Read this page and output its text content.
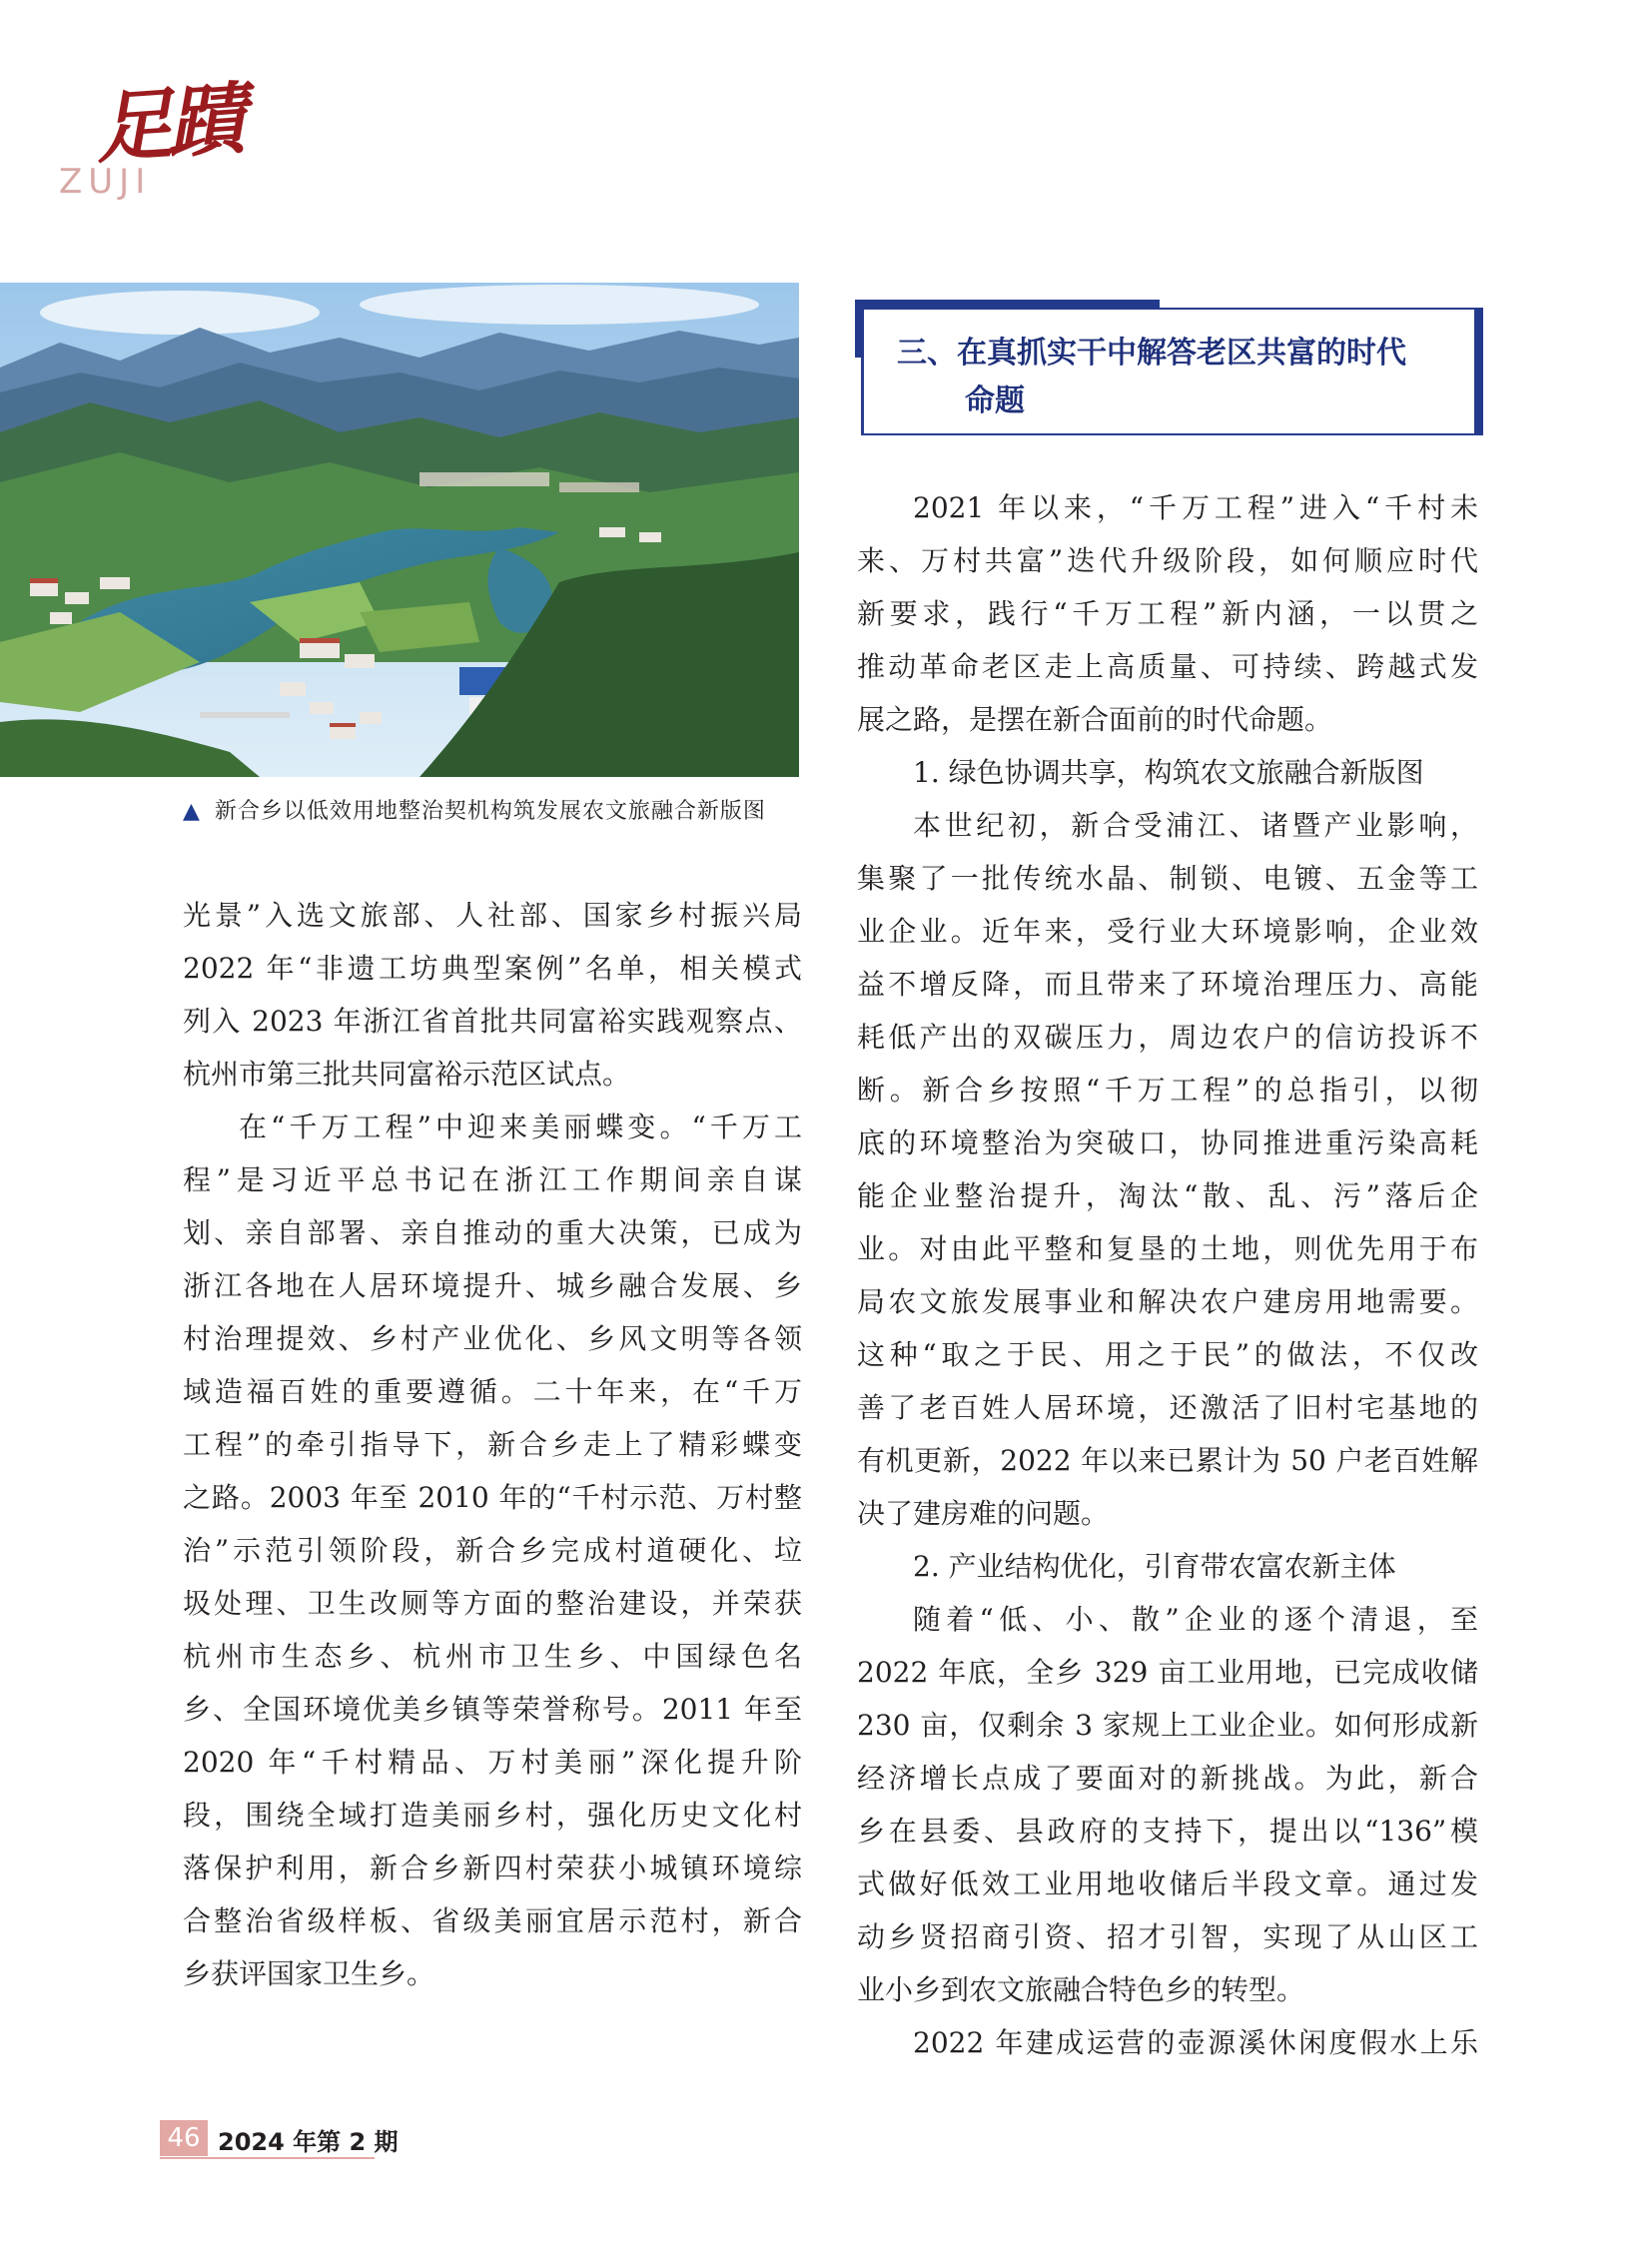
足蹟
ZUJI
▲ 新合乡以低效用地整治契机构筑发展农文旅融合新版图
光景”入选文旅部、人社部、国家乡村振兴局
2022 年“非遗工坊典型案例”名单，相关模式
列入 2023 年浙江省首批共同富裕实践观察点、
杭州市第三批共同富裕示范区试点。
在“千万工程”中迎来美丽蝶变。“千万工
程”是习近平总书记在浙江工作期间亲自谋
划、亲自部署、亲自推动的重大决策，已成为
浙江各地在人居环境提升、城乡融合发展、乡
村治理提效、乡村产业优化、乡风文明等各领
域造福百姓的重要遵循。二十年来，在“千万
工程”的牵引指导下，新合乡走上了精彩蝶变
之路。2003 年至 2010 年的“千村示范、万村整
治”示范引领阶段，新合乡完成村道硬化、垃
圾处理、卫生改厕等方面的整治建设，并荣获
杭州市生态乡、杭州市卫生乡、中国绿色名
乡、全国环境优美乡镇等荣誉称号。2011 年至
2020 年“千村精品、万村美丽”深化提升阶
段，围绕全域打造美丽乡村，强化历史文化村
落保护利用，新合乡新四村荣获小城镇环境综
合整治省级样板、省级美丽宜居示范村，新合
乡获评国家卫生乡。
三、在真抓实干中解答老区共富的时代
命题
2021 年以来，“千万工程”进入“千村未
来、万村共富”迭代升级阶段，如何顺应时代
新要求，践行“千万工程”新内涵，一以贯之
推动革命老区走上高质量、可持续、跨越式发
展之路，是摆在新合面前的时代命题。
1. 绿色协调共享，构筑农文旅融合新版图
本世纪初，新合受浦江、诸暨产业影响，
集聚了一批传统水晶、制锁、电镀、五金等工
业企业。近年来，受行业大环境影响，企业效
益不增反降，而且带来了环境治理压力、高能
耗低产出的双碳压力，周边农户的信访投诉不
断。新合乡按照“千万工程”的总指引，以彻
底的环境整治为突破口，协同推进重污染高耗
能企业整治提升，淘汰“散、乱、污”落后企
业。对由此平整和复垦的土地，则优先用于布
局农文旅发展事业和解决农户建房用地需要。
这种“取之于民、用之于民”的做法，不仅改
善了老百姓人居环境，还激活了旧村宅基地的
有机更新，2022 年以来已累计为 50 户老百姓解
决了建房难的问题。
2. 产业结构优化，引育带农富农新主体
随着“低、小、散”企业的逐个清退，至
2022 年底，全乡 329 亩工业用地，已完成收储
230 亩，仅剩余 3 家规上工业企业。如何形成新
经济增长点成了要面对的新挑战。为此，新合
乡在县委、县政府的支持下，提出以“136”模
式做好低效工业用地收储后半段文章。通过发
动乡贤招商引资、招才引智，实现了从山区工
业小乡到农文旅融合特色乡的转型。
2022 年建成运营的壶源溪休闲度假水上乐
46 2024 年第 2 期
